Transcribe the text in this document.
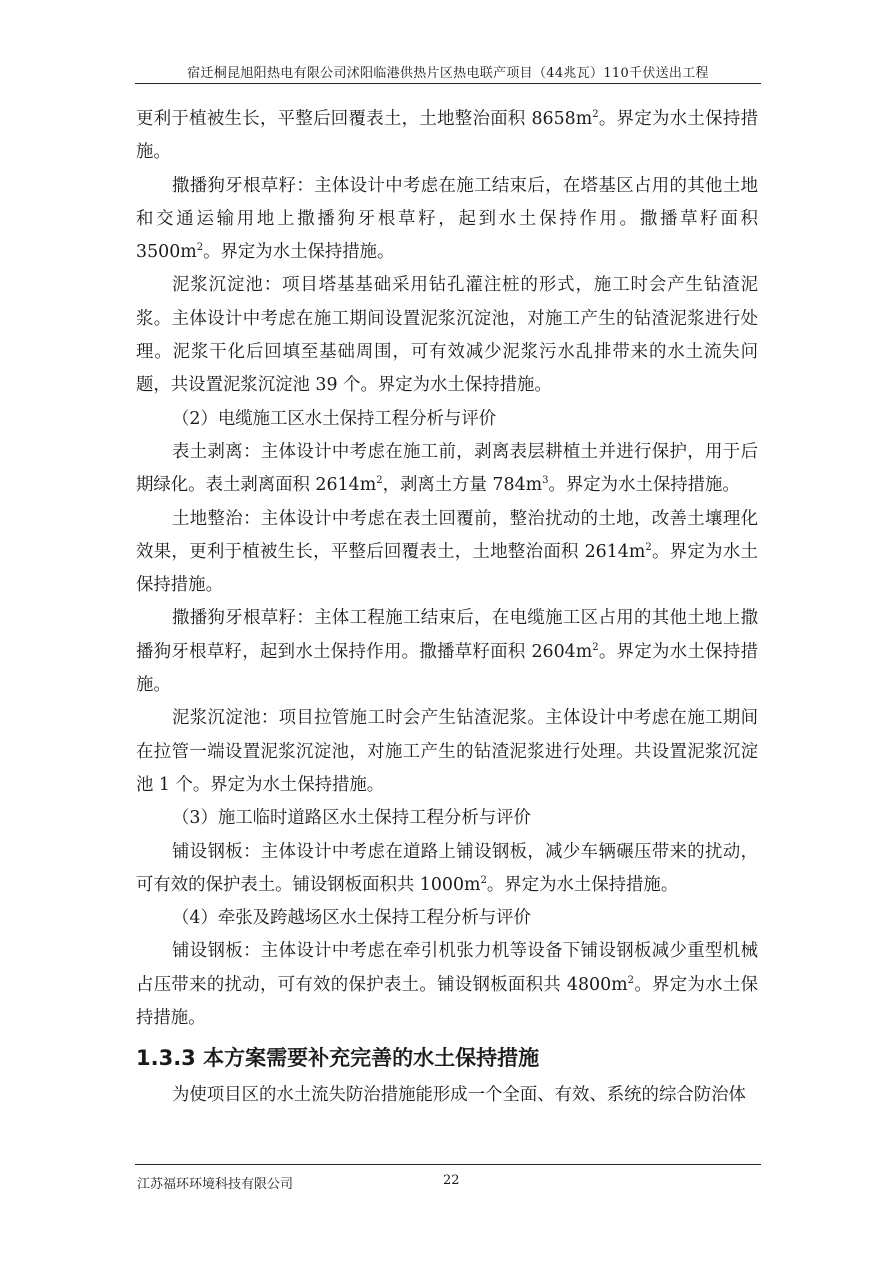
宿迁桐昆旭阳热电有限公司沭阳临港供热片区热电联产项目（44兆瓦）110千伏送出工程

更利于植被生长，平整后回覆表土，土地整治面积 $8658m^2$。界定为水土保持措施。

撒播狗牙根草籽：主体设计中考虑在施工结束后，在塔基区占用的其他土地和交通运输用地上撒播狗牙根草籽，起到水土保持作用。撒播草籽面积 $3500m^2$。界定为水土保持措施。

泥浆沉淀池：项目塔基基础采用钻孔灌注桩的形式，施工时会产生钻渣泥浆。主体设计中考虑在施工期间设置泥浆沉淀池，对施工产生的钻渣泥浆进行处理。泥浆干化后回填至基础周围，可有效减少泥浆污水乱排带来的水土流失问题，共设置泥浆沉淀池 39 个。界定为水土保持措施。

（2）电缆施工区水土保持工程分析与评价

表土剥离：主体设计中考虑在施工前，剥离表层耕植土并进行保护，用于后期绿化。表土剥离面积 $2614m^2$，剥离土方量 $784m^3$。界定为水土保持措施。

土地整治：主体设计中考虑在表土回覆前，整治扰动的土地，改善土壤理化效果，更利于植被生长，平整后回覆表土，土地整治面积 $2614m^2$。界定为水土保持措施。

撒播狗牙根草籽：主体工程施工结束后，在电缆施工区占用的其他土地上撒播狗牙根草籽，起到水土保持作用。撒播草籽面积 $2604m^2$。界定为水土保持措施。

泥浆沉淀池：项目拉管施工时会产生钻渣泥浆。主体设计中考虑在施工期间在拉管一端设置泥浆沉淀池，对施工产生的钻渣泥浆进行处理。共设置泥浆沉淀池 1 个。界定为水土保持措施。

（3）施工临时道路区水土保持工程分析与评价

铺设钢板：主体设计中考虑在道路上铺设钢板，减少车辆碾压带来的扰动，可有效的保护表土。铺设钢板面积共 $1000m^2$。界定为水土保持措施。

（4）牵张及跨越场区水土保持工程分析与评价

铺设钢板：主体设计中考虑在牵引机张力机等设备下铺设钢板减少重型机械占压带来的扰动，可有效的保护表土。铺设钢板面积共 $4800m^2$。界定为水土保持措施。

1.3.3 本方案需要补充完善的水土保持措施

为使项目区的水土流失防治措施能形成一个全面、有效、系统的综合防治体

江苏福环环境科技有限公司	22
